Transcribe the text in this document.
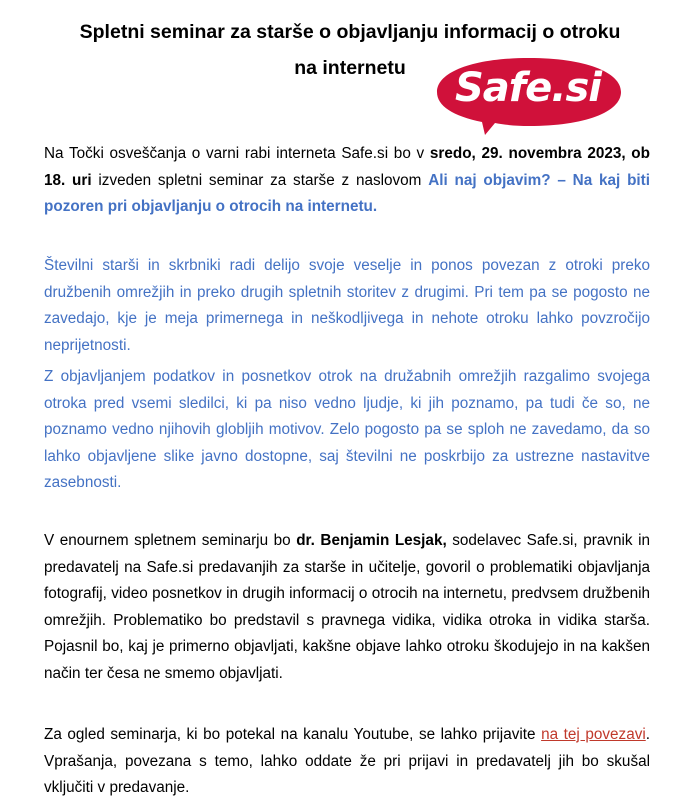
Spletni seminar za starše o objavljanju informacij o otroku
na internetu	Safe.si

Na Točki osveščanja o varni rabi interneta Safe.si bo v sredo, 29. novembra 2023, ob 18. uri izveden spletni seminar za starše z naslovom Ali naj objavim? – Na kaj biti pozoren pri objavljanju o otrocih na internetu.

Številni starši in skrbniki radi delijo svoje veselje in ponos povezan z otroki preko družbenih omrežjih in preko drugih spletnih storitev z drugimi. Pri tem pa se pogosto ne zavedajo, kje je meja primernega in neškodljivega in nehote otroku lahko povzročijo neprijetnosti.

Z objavljanjem podatkov in posnetkov otrok na družabnih omrežjih razgalimo svojega otroka pred vsemi sledilci, ki pa niso vedno ljudje, ki jih poznamo, pa tudi če so, ne poznamo vedno njihovih globljih motivov. Zelo pogosto pa se sploh ne zavedamo, da so lahko objavljene slike javno dostopne, saj številni ne poskrbijo za ustrezne nastavitve zasebnosti.

V enournem spletnem seminarju bo dr. Benjamin Lesjak, sodelavec Safe.si, pravnik in predavatelj na Safe.si predavanjih za starše in učitelje, govoril o problematiki objavljanja fotografij, video posnetkov in drugih informacij o otrocih na internetu, predvsem družbenih omrežjih. Problematiko bo predstavil s pravnega vidika, vidika otroka in vidika starša. Pojasnil bo, kaj je primerno objavljati, kakšne objave lahko otroku škodujejo in na kakšen način ter česa ne smemo objavljati.

Za ogled seminarja, ki bo potekal na kanalu Youtube, se lahko prijavite na tej povezavi. Vprašanja, povezana s temo, lahko oddate že pri prijavi in predavatelj jih bo skušal vključiti v predavanje.
